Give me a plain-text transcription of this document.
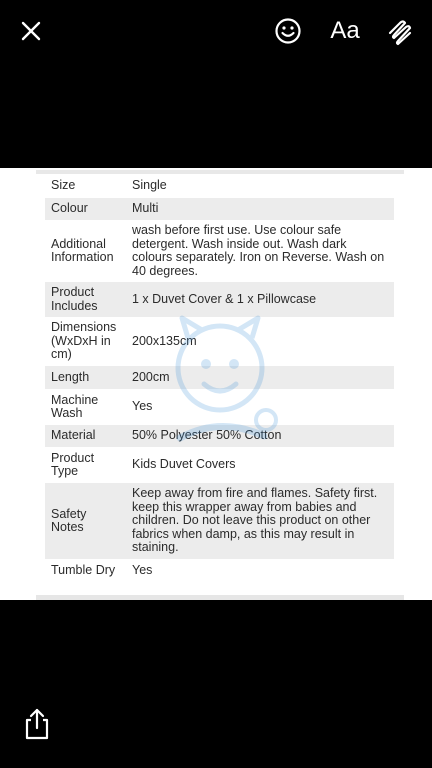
Aa
Size	Single
Colour	Multi
Additional Information	wash before first use. Use colour safe detergent. Wash inside out. Wash dark colours separately. Iron on Reverse. Wash on 40 degrees.
Product Includes	1 x Duvet Cover & 1 x Pillowcase
Dimensions (WxDxH in cm)	200x135cm
Length	200cm
Machine Wash	Yes
Material	50% Polyester 50% Cotton
Product Type	Kids Duvet Covers
Safety Notes	Keep away from fire and flames. Safety first. keep this wrapper away from babies and children. Do not leave this product on other fabrics when damp, as this may result in staining.
Tumble Dry	Yes
